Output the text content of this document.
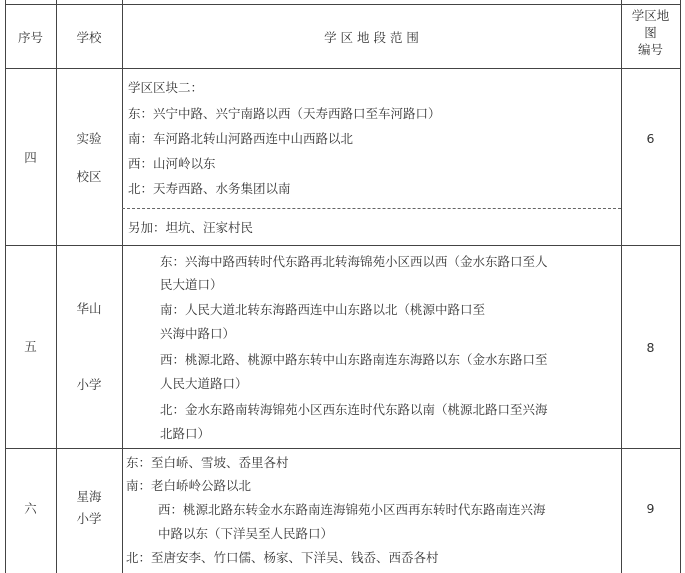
序号	学校	学 区 地 段 范 围
学区地
图
编号
四
实验
校区
学区区块二：
东：兴宁中路、兴宁南路以西（天寿西路口至车河路口）
南：车河路北转山河路西连中山西路以北
西：山河岭以东
北：天寿西路、水务集团以南
另加：坦坑、汪家村民
6
五
华山
小学
东：兴海中路西转时代东路再北转海锦苑小区西以西（金水东路口至人
民大道口）
南：人民大道北转东海路西连中山东路以北（桃源中路口至
兴海中路口）
西：桃源北路、桃源中路东转中山东路南连东海路以东（金水东路口至
人民大道路口）
北：金水东路南转海锦苑小区西东连时代东路以南（桃源北路口至兴海
北路口）
8
六
星海
小学
东：至白峤、雪坡、岙里各村
南：老白峤岭公路以北
西：桃源北路东转金水东路南连海锦苑小区西再东转时代东路南连兴海
中路以东（下洋吴至人民路口）
北：至唐安李、竹口儒、杨家、下洋吴、钱岙、西岙各村
9
